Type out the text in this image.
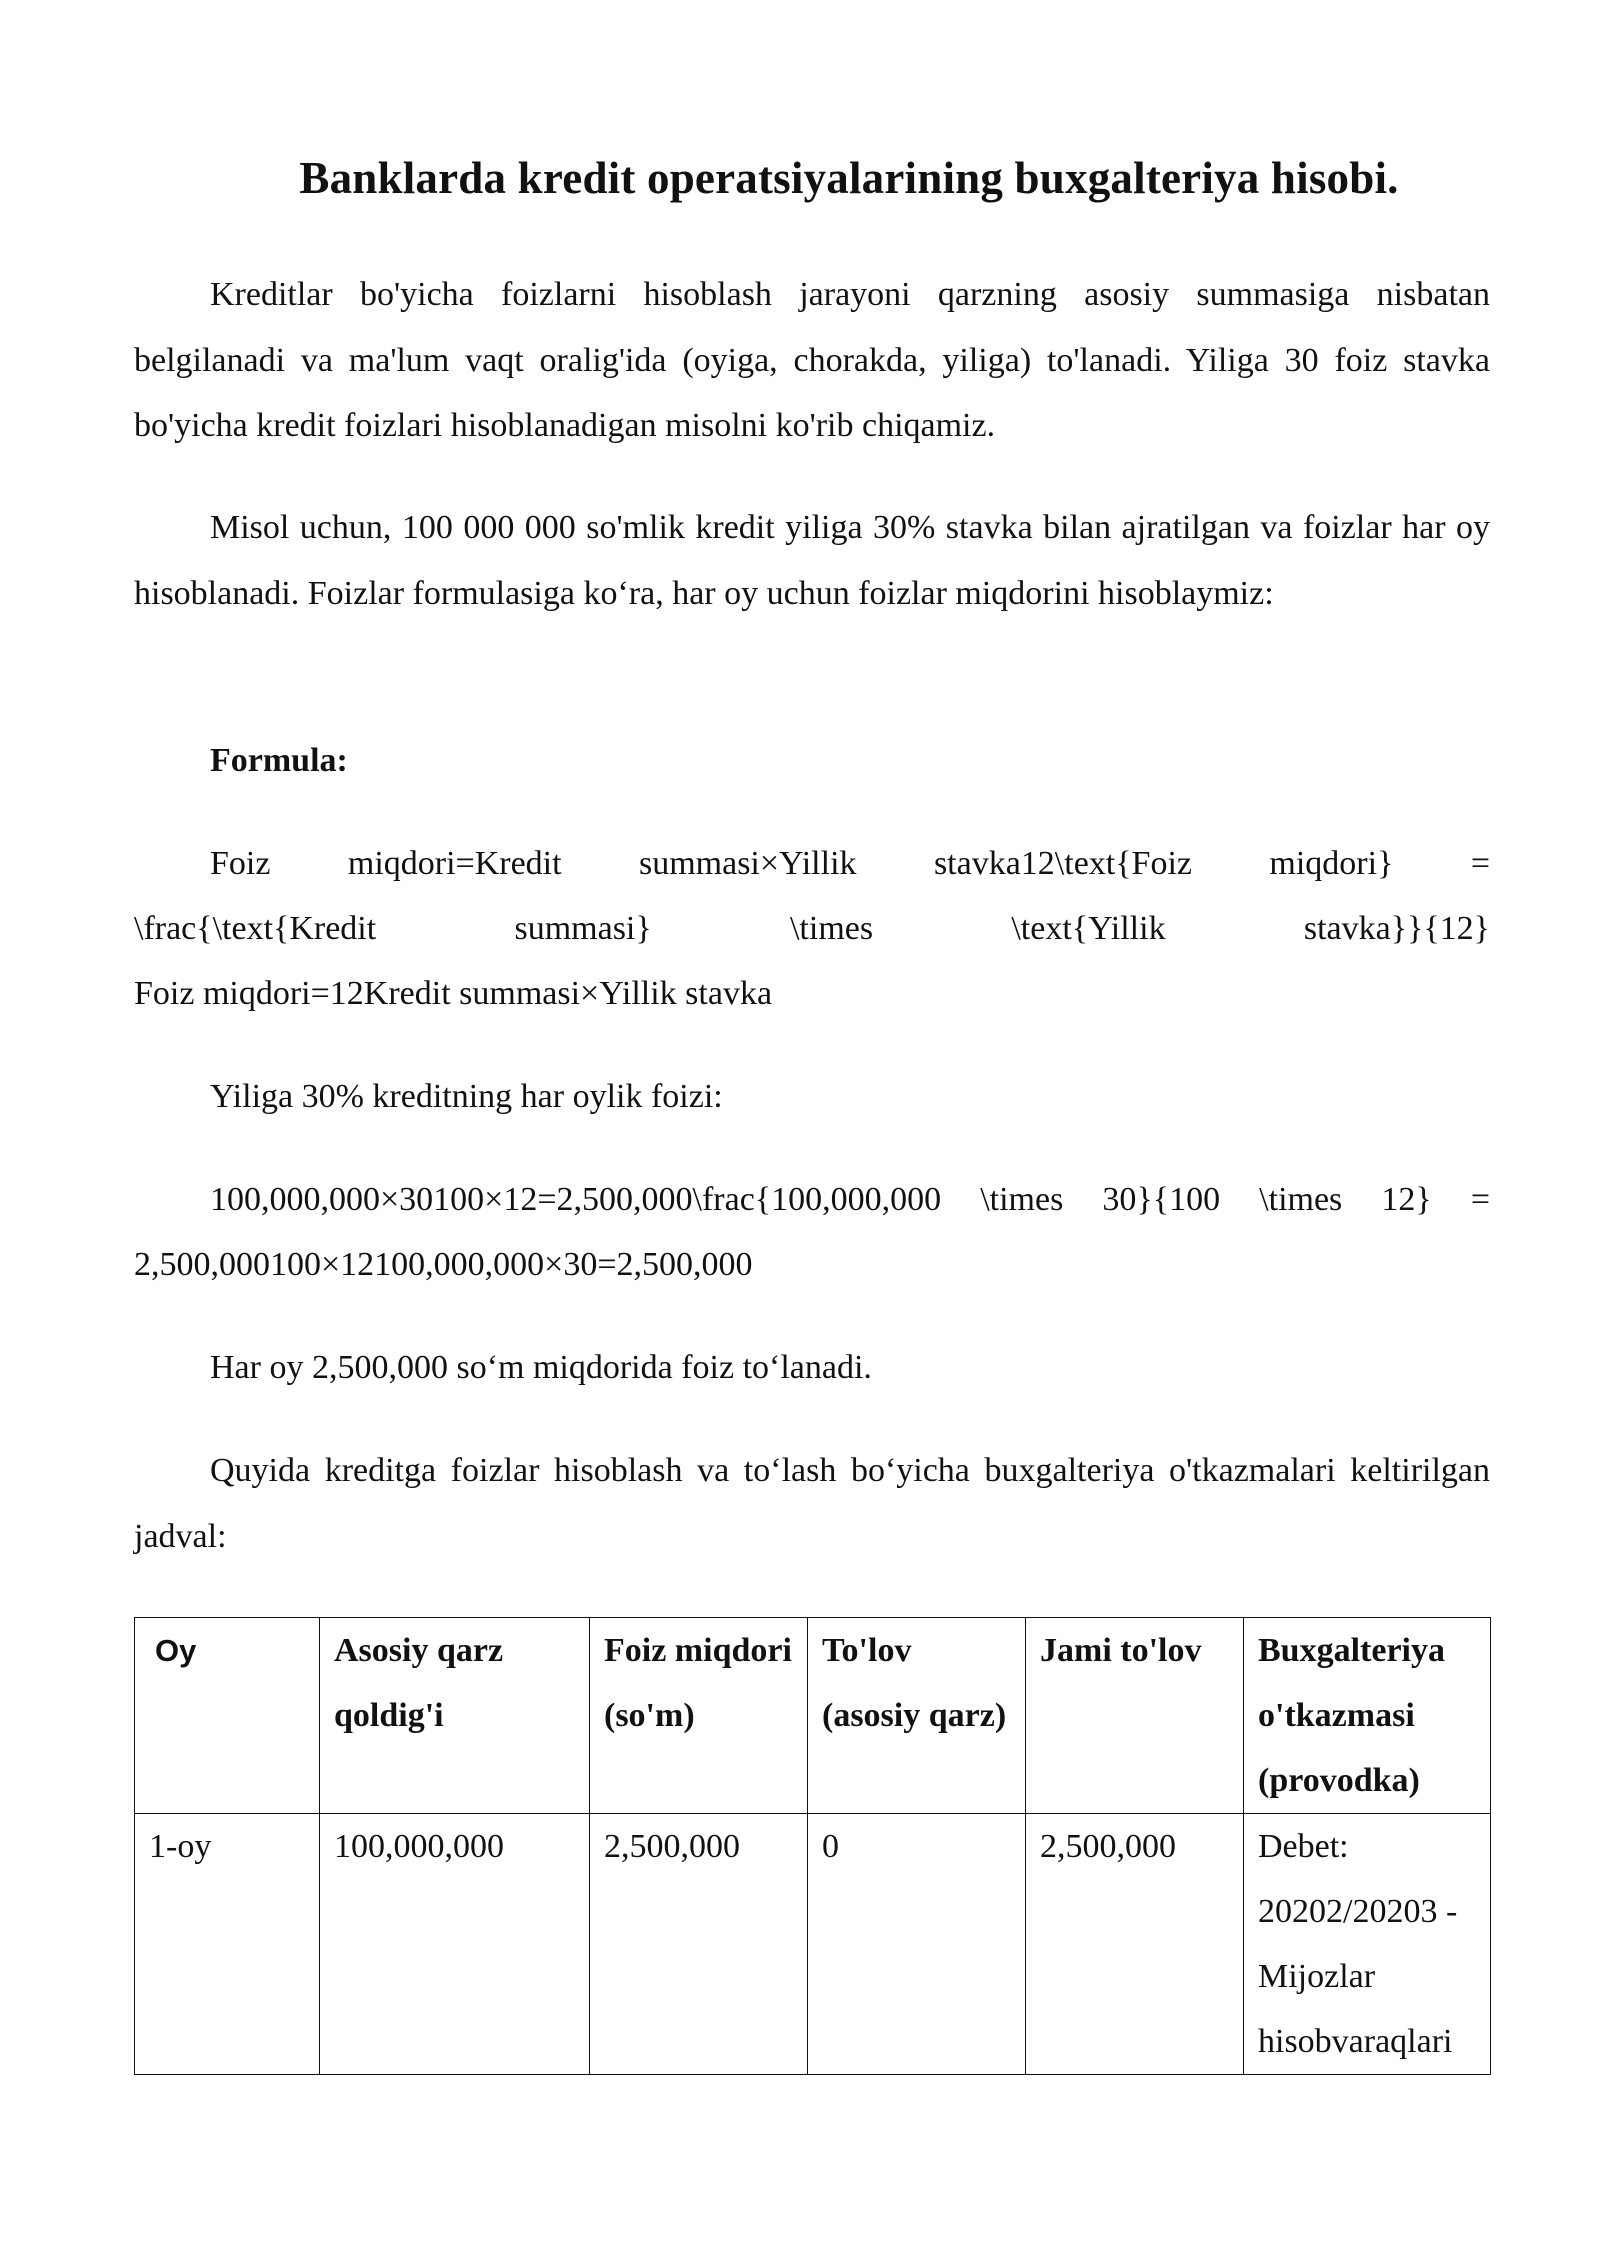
Banklarda kredit operatsiyalarining buxgalteriya hisobi.

Kreditlar bo'yicha foizlarni hisoblash jarayoni qarzning asosiy summasiga nisbatan belgilanadi va ma'lum vaqt oralig'ida (oyiga, chorakda, yiliga) to'lanadi. Yiliga 30 foiz stavka bo'yicha kredit foizlari hisoblanadigan misolni ko'rib chiqamiz.

Misol uchun, 100 000 000 so'mlik kredit yiliga 30% stavka bilan ajratilgan va foizlar har oy hisoblanadi. Foizlar formulasiga ko‘ra, har oy uchun foizlar miqdorini hisoblaymiz:

Formula:

Foiz miqdori=Kredit summasi×Yillik stavka12\text{Foiz miqdori} =

\frac{\text{Kredit summasi} \times \text{Yillik stavka}}{12}

Foiz miqdori=12Kredit summasi×Yillik stavka

Yiliga 30% kreditning har oylik foizi:

100,000,000×30100×12=2,500,000\frac{100,000,000 \times 30}{100 \times 12} =

2,500,000100×12100,000,000×30=2,500,000

Har oy 2,500,000 so‘m miqdorida foiz to‘lanadi.

Quyida kreditga foizlar hisoblash va to‘lash bo‘yicha buxgalteriya o'tkazmalari keltirilgan jadval:

Oy	Asosiy qarz qoldig'i	Foiz miqdori (so'm)	To'lov (asosiy qarz)	Jami to'lov	Buxgalteriya o'tkazmasi (provodka)
1-oy	100,000,000	2,500,000	0	2,500,000	Debet: 20202/20203 - Mijozlar hisobvaraqlari
